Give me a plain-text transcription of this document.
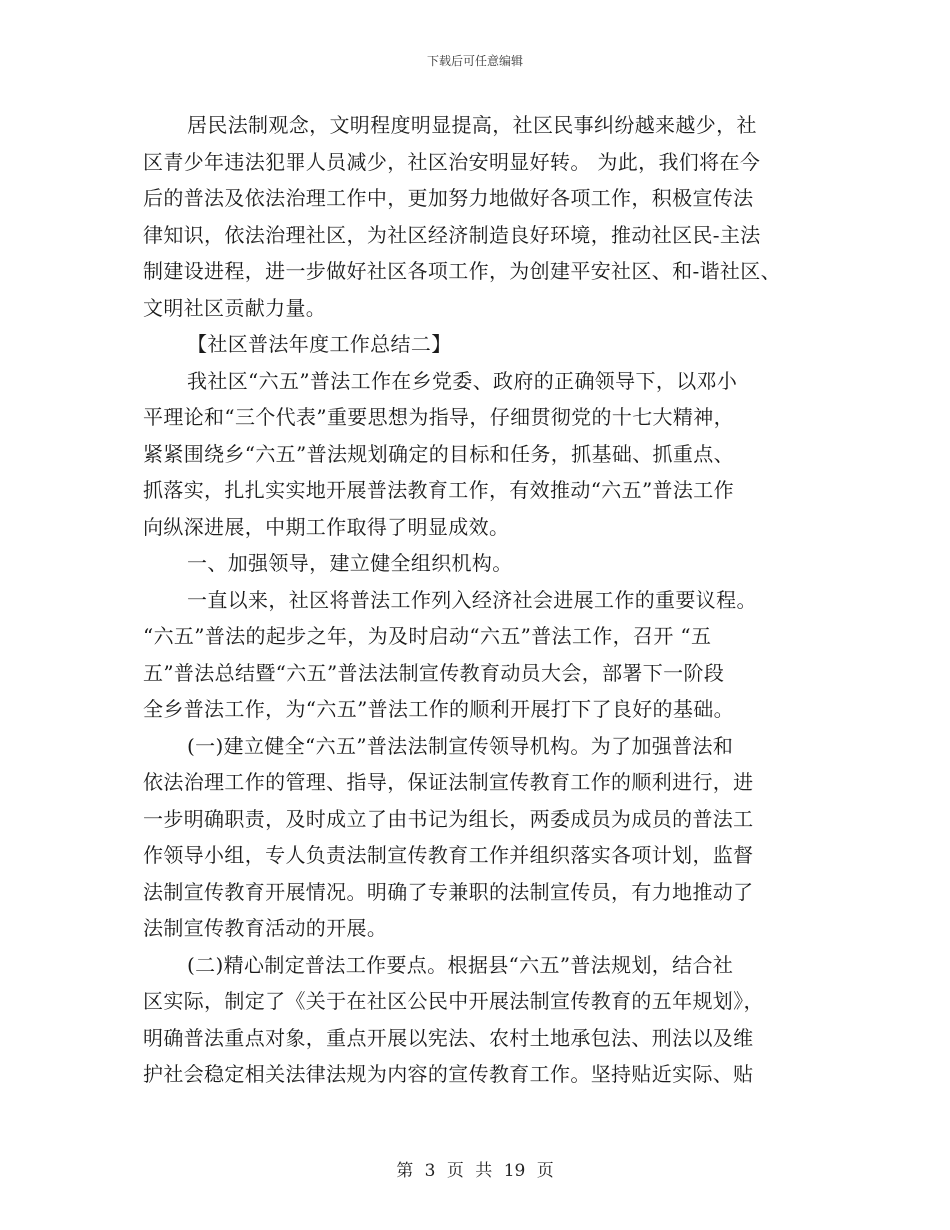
下载后可任意编辑
居民法制观念，文明程度明显提高，社区民事纠纷越来越少，社
区青少年违法犯罪人员减少，社区治安明显好转。 为此，我们将在今
后的普法及依法治理工作中，更加努力地做好各项工作，积极宣传法
律知识，依法治理社区，为社区经济制造良好环境，推动社区民-主法
制建设进程，进一步做好社区各项工作，为创建平安社区、和-谐社区、
文明社区贡献力量。
【社区普法年度工作总结二】
我社区“六五”普法工作在乡党委、政府的正确领导下，以邓小
平理论和“三个代表”重要思想为指导，仔细贯彻党的十七大精神，
紧紧围绕乡“六五”普法规划确定的目标和任务，抓基础、抓重点、
抓落实，扎扎实实地开展普法教育工作，有效推动“六五”普法工作
向纵深进展，中期工作取得了明显成效。
一、加强领导，建立健全组织机构。
一直以来，社区将普法工作列入经济社会进展工作的重要议程。
“六五”普法的起步之年，为及时启动“六五”普法工作，召开 “五
五”普法总结暨“六五”普法法制宣传教育动员大会，部署下一阶段
全乡普法工作，为“六五”普法工作的顺利开展打下了良好的基础。
(一)建立健全“六五”普法法制宣传领导机构。为了加强普法和
依法治理工作的管理、指导，保证法制宣传教育工作的顺利进行，进
一步明确职责，及时成立了由书记为组长，两委成员为成员的普法工
作领导小组，专人负责法制宣传教育工作并组织落实各项计划，监督
法制宣传教育开展情况。明确了专兼职的法制宣传员，有力地推动了
法制宣传教育活动的开展。
(二)精心制定普法工作要点。根据县“六五”普法规划，结合社
区实际，制定了《关于在社区公民中开展法制宣传教育的五年规划》，
明确普法重点对象，重点开展以宪法、农村土地承包法、刑法以及维
护社会稳定相关法律法规为内容的宣传教育工作。坚持贴近实际、贴
第 3 页 共 19 页
